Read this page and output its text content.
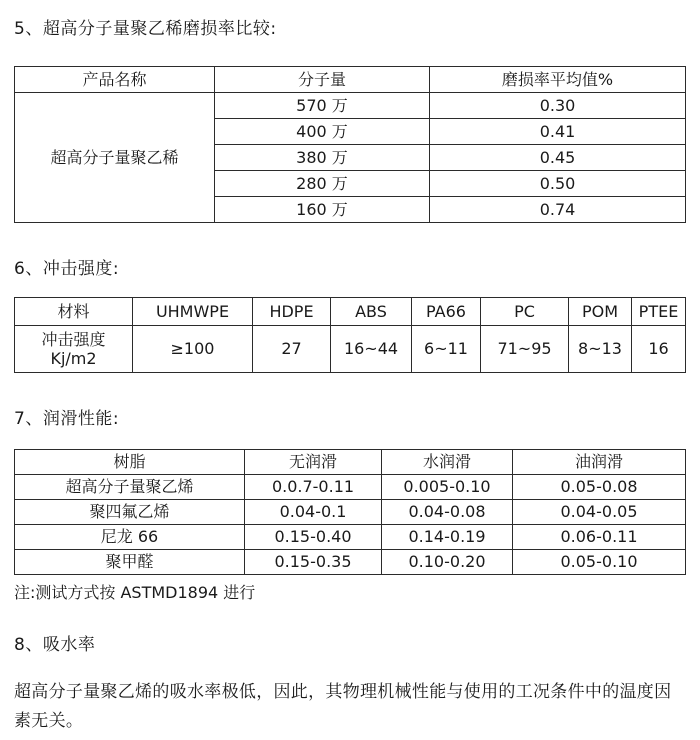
5、超高分子量聚乙稀磨损率比较:
产品名称	分子量	磨损率平均值%
超高分子量聚乙稀	570 万	0.30
	400 万	0.41
	380 万	0.45
	280 万	0.50
	160 万	0.74
6、冲击强度:
材料	UHMWPE	HDPE	ABS	PA66	PC	POM	PTEE

冲击强度
Kj/m2	≥100	27	16~44	6~11	71~95	8~13	16
7、润滑性能:
树脂	无润滑	水润滑	油润滑
超高分子量聚乙烯	0.0.7-0.11	0.005-0.10	0.05-0.08
聚四氟乙烯	0.04-0.1	0.04-0.08	0.04-0.05
尼龙 66	0.15-0.40	0.14-0.19	0.06-0.11
聚甲醛	0.15-0.35	0.10-0.20	0.05-0.10
注:测试方式按 ASTMD1894 进行
8、吸水率
超高分子量聚乙烯的吸水率极低，因此，其物理机械性能与使用的工况条件中的温度因素无关。
